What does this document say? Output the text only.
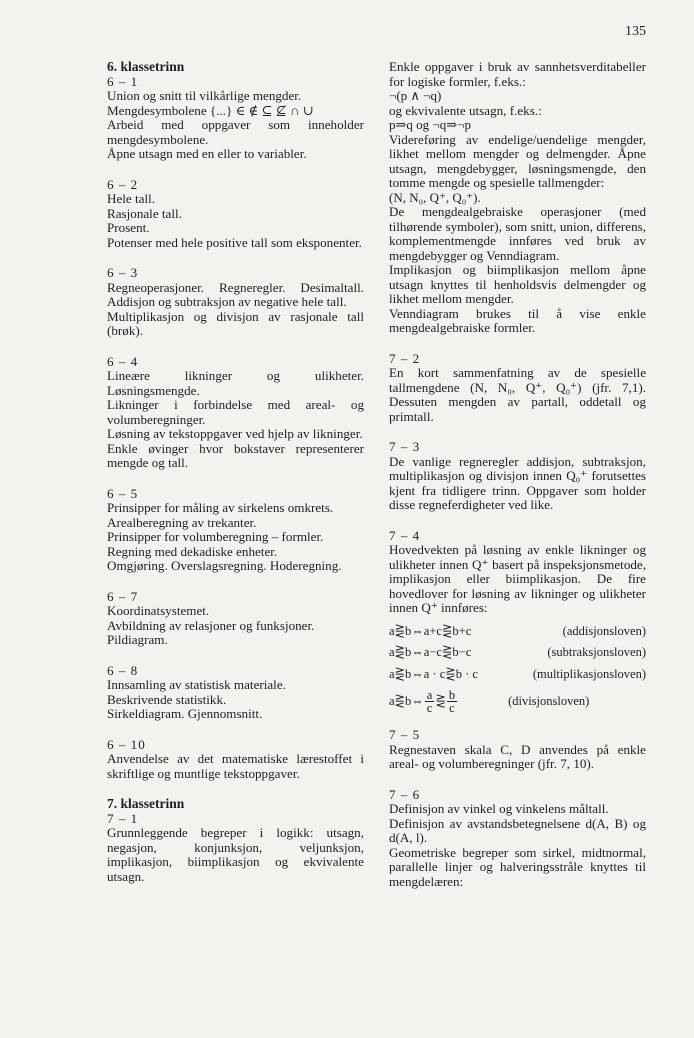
135

6. klassetrinn

6 – 1

Union og snitt til vilkårlige mengder.

Mengdesymbolene {...} ∈ ∉ ⊆ ⊈ ∩ ∪

Arbeid med oppgaver som inneholder mengdesymbolene.

Åpne utsagn med en eller to variabler.

6 – 2

Hele tall.

Rasjonale tall.

Prosent.

Potenser med hele positive tall som eksponenter.

6 – 3

Regneoperasjoner. Regneregler. Desimaltall. Addisjon og subtraksjon av negative hele tall.

Multiplikasjon og divisjon av rasjonale tall (brøk).

6 – 4

Lineære likninger og ulikheter. Løsningsmengde.

Likninger i forbindelse med areal- og volumberegninger.

Løsning av tekstoppgaver ved hjelp av likninger.

Enkle øvinger hvor bokstaver representerer mengde og tall.

6 – 5

Prinsipper for måling av sirkelens omkrets.

Arealberegning av trekanter.

Prinsipper for volumberegning – formler.

Regning med dekadiske enheter.

Omgjøring. Overslagsregning. Hoderegning.

6 – 7

Koordinatsystemet.

Avbildning av relasjoner og funksjoner.

Pildiagram.

6 – 8

Innsamling av statistisk materiale.

Beskrivende statistikk.

Sirkeldiagram. Gjennomsnitt.

6 – 10

Anvendelse av det matematiske lærestoffet i skriftlige og muntlige tekstoppgaver.

7. klassetrinn

7 – 1

Grunnleggende begreper i logikk: utsagn, negasjon, konjunksjon, veljunksjon, implikasjon, biimplikasjon og ekvivalente utsagn.

Enkle oppgaver i bruk av sannhetsverditabeller for logiske formler, f.eks.:

¬(p ∧ ¬q)

og ekvivalente utsagn, f.eks.:

p⇒q og ¬q⇒¬p

Videreføring av endelige/uendelige mengder, likhet mellom mengder og delmengder. Åpne utsagn, mengdebygger, løsningsmengde, den tomme mengde og spesielle tallmengder:

(N, N₀, Q⁺, Q₀⁺).

De mengdealgebraiske operasjoner (med tilhørende symboler), som snitt, union, differens, komplementmengde innføres ved bruk av mengdebygger og Venndiagram.

Implikasjon og biimplikasjon mellom åpne utsagn knyttes til henholdsvis delmengder og likhet mellom mengder.

Venndiagram brukes til å vise enkle mengdealgebraiske formler.

7 – 2

En kort sammenfatning av de spesielle tallmengdene (N, N₀, Q⁺, Q₀⁺) (jfr. 7,1). Dessuten mengden av partall, oddetall og primtall.

7 – 3

De vanlige regneregler addisjon, subtraksjon, multiplikasjon og divisjon innen Q₀⁺ forutsettes kjent fra tidligere trinn. Oppgaver som holder disse regneferdigheter ved like.

7 – 4

Hovedvekten på løsning av enkle likninger og ulikheter innen Q⁺ basert på inspeksjonsmetode, implikasjon eller biimplikasjon. De fire hovedlover for løsning av likninger og ulikheter innen Q⁺ innføres:

a⋛b⇔a+c⋛b+c	(addisjonsloven)
a⋛b⇔a−c⋛b−c	(subtraksjonsloven)
a⋛b⇔a · c⋛b · c	(multiplikasjonsloven)
a⋛b⇔ $\frac{a}{c}$ ⋛ $\frac{b}{c}$	(divisjonsloven)

7 – 5

Regnestaven skala C, D anvendes på enkle areal- og volumberegninger (jfr. 7, 10).

7 – 6

Definisjon av vinkel og vinkelens måltall.

Definisjon av avstandsbetegnelsene d(A, B) og d(A, l).

Geometriske begreper som sirkel, midtnormal, parallelle linjer og halveringsstråle knyttes til mengdelæren:
